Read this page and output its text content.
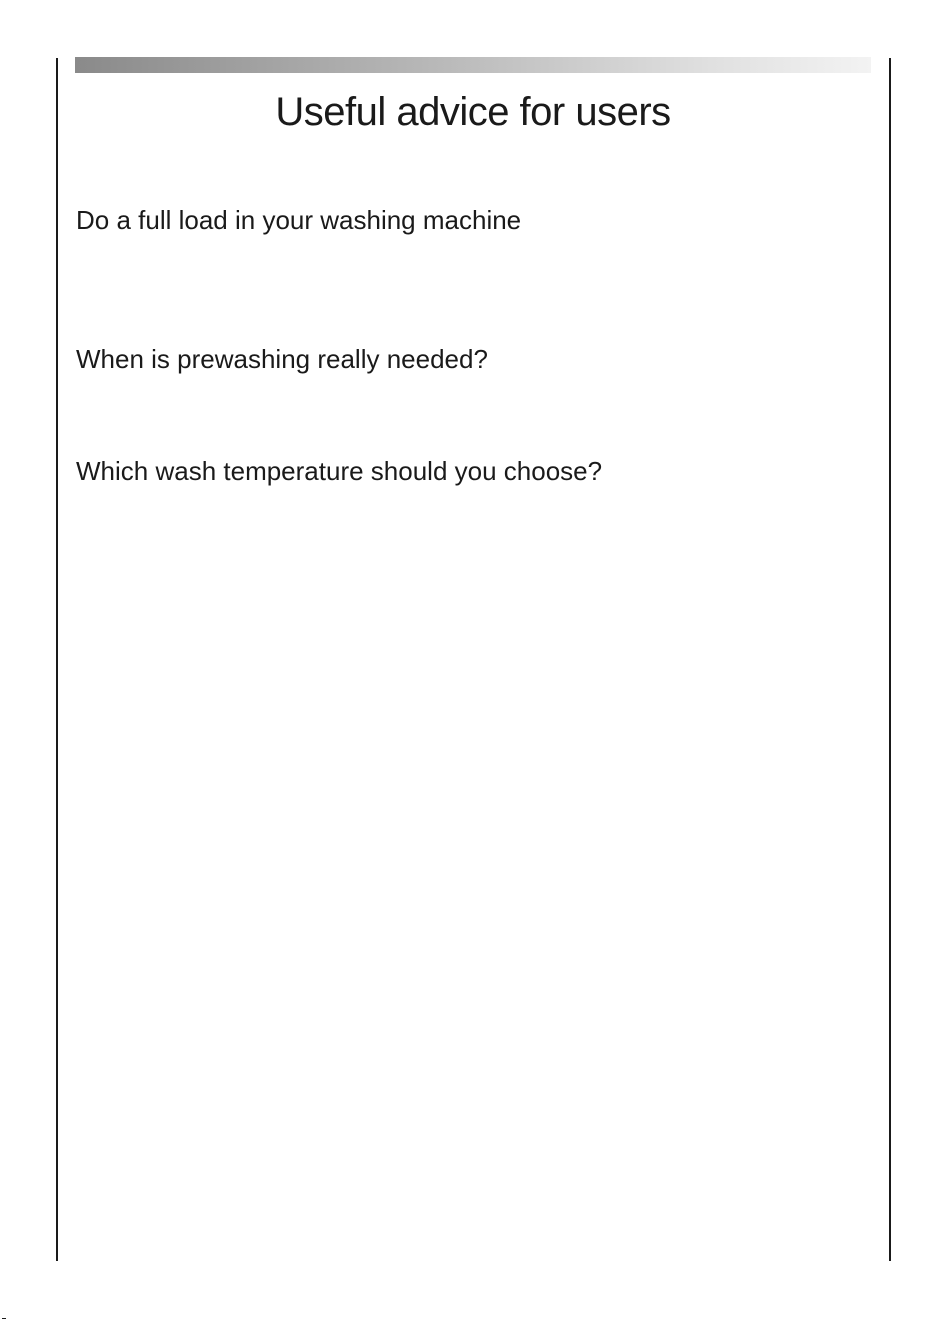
Useful advice for users
Do a full load in your washing machine
When is prewashing really needed?
Which wash temperature should you choose?
